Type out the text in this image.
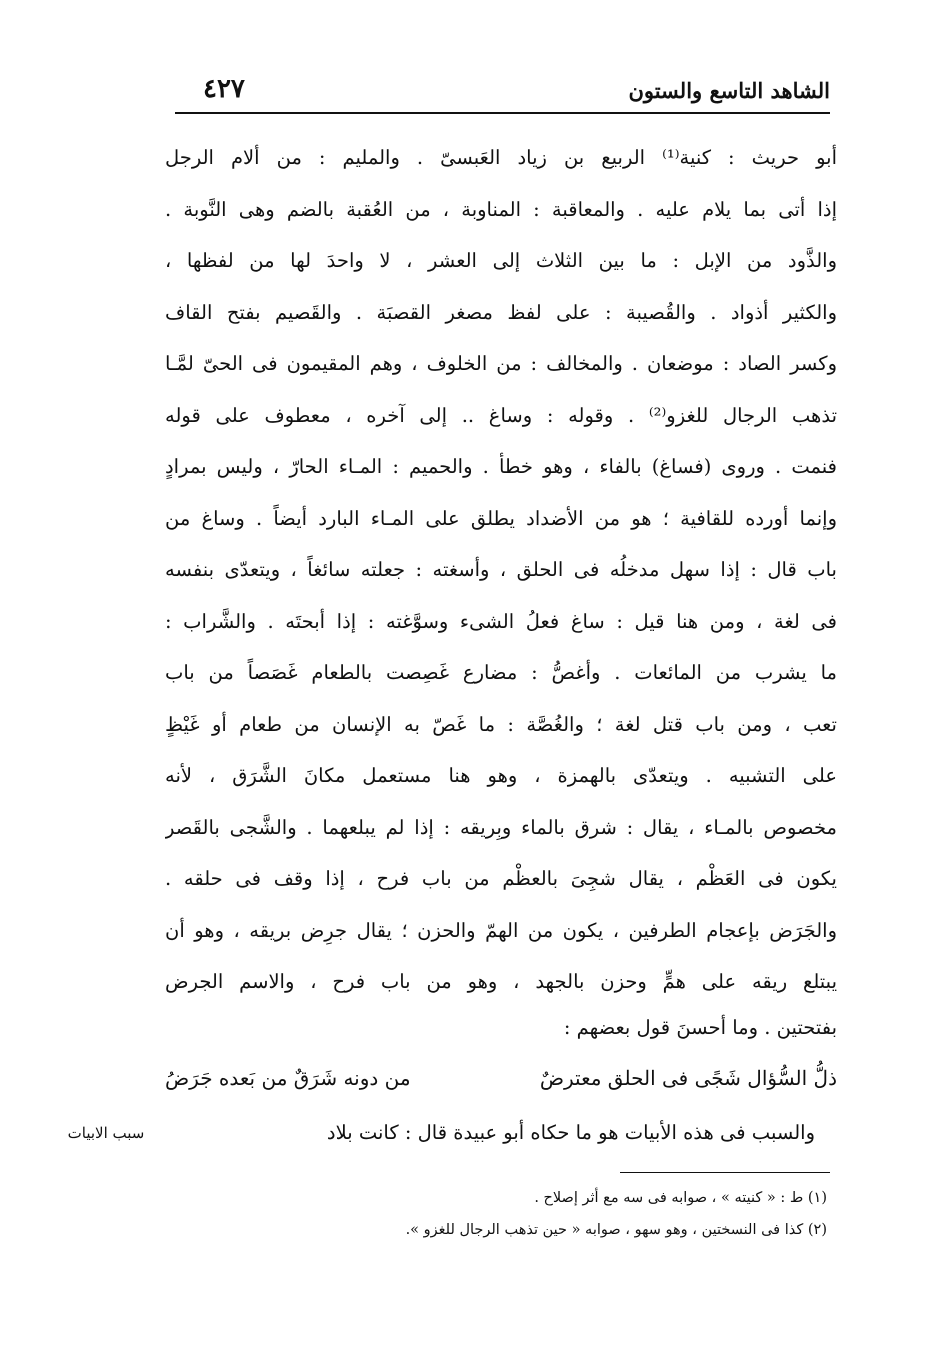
الشاهد التاسع والستون
٤٢٧
أبو حريث : كنية⁽¹⁾ الربيع بن زياد العَبسىّ . والمليم : من ألام الرجل
إذا أتى بما يلام عليه . والمعاقبة : المناوبة ، من العُقبة بالضم وهى النَّوبة .
والذَّود من الإبل : ما بين الثلاث إلى العشر ، لا واحدَ لها من لفظها ،
والكثير أذواد . والقُصيبة : على لفظ مصغر القصبَة . والقَصيم بفتح القاف
وكسر الصاد : موضعان . والمخالف : من الخلوف ، وهم المقيمون فى الحىّ لمَّـا
تذهب الرجال للغزو⁽²⁾ . وقوله : وساغ .. إلى آخره ، معطوف على قوله
فنمت . وروى (فساغ) بالفاء ، وهو خطأ . والحميم : المـاء الحارّ ، وليس بمرادٍ
وإنما أورده للقافية ؛ هو من الأضداد يطلق على المـاء البارد أيضاً . وساغ من
باب قال : إذا سهل مدخلُه فى الحلق ، وأسغته : جعلته سائغاً ، ويتعدّى بنفسه
فى لغة ، ومن هنا قيل : ساغ فعلُ الشىء وسوَّغته : إذا أبحتَه . والشَّراب :
ما يشرب من المائعات . وأغصُّ : مضارع غَصِصت بالطعام غَصَصاً من باب
تعب ، ومن باب قتل لغة ؛ والغُصَّة : ما غَصّ به الإنسان من طعام أو غَيْظٍ
على التشبيه . ويتعدّى بالهمزة ، وهو هنا مستعمل مكانَ الشَّرَق ، لأنه
مخصوص بالمـاء ، يقال : شرق بالماء وبِريقه : إذا لم يبلعهما . والشَّجى بالقَصر
يكون فى العَظْم ، يقال شجِىَ بالعظْم من باب فرح ، إذا وقف فى حلقه .
والجَرَض بإعجام الطرفين ، يكون من الهمّ والحزن ؛ يقال جرِض بريقه ، وهو أن
يبتلع ريقه على همٍّ وحزن بالجهد ، وهو من باب فرح ، والاسم الجرض
بفتحتين . وما أحسنَ قول بعضهم :
ذلُّ السُّؤال شَجًى فى الحلق معترضٌ
من دونه شَرَقٌ من بَعده جَرَضُ
والسبب فى هذه الأبيات هو ما حكاه أبو عبيدة قال : كانت بلاد
سبب الابيات
(١) ط : « كنيته » ، صوابه فى سه مع أثر إصلاح .
(٢) كذا فى النسختين ، وهو سهو ، صوابه « حين تذهب الرجال للغزو ».
